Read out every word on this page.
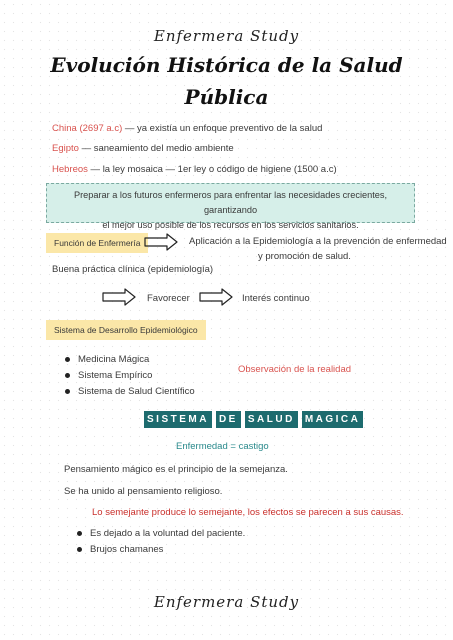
Enfermera Study
Evolución Histórica de la Salud
Pública
China (2697 a.c) — ya existía un enfoque preventivo de la salud
Egipto — saneamiento del medio ambiente
Hebreos — la ley mosaica — 1er ley o código de higiene (1500 a.c)
Preparar a los futuros enfermeros para enfrentar las necesidades crecientes, garantizando
el mejor uso posible de los recursos en los servicios sanitarios.
Función de Enfermería	Aplicación a la Epidemiología a la prevención de enfermedad
y promoción de salud.
Buena práctica clínica (epidemiología)
Favorecer	Interés continuo
Sistema de Desarrollo Epidemiológico
Medicina Mágica
Sistema Empírico
Sistema de Salud Científico
Observación de la realidad
SISTEMA	DE	SALUD	MAGICA
Enfermedad = castigo
Pensamiento mágico es el principio de la semejanza.
Se ha unido al pensamiento religioso.
Lo semejante produce lo semejante, los efectos se parecen a sus causas.
Es dejado a la voluntad del paciente.
Brujos chamanes
Enfermera Study
